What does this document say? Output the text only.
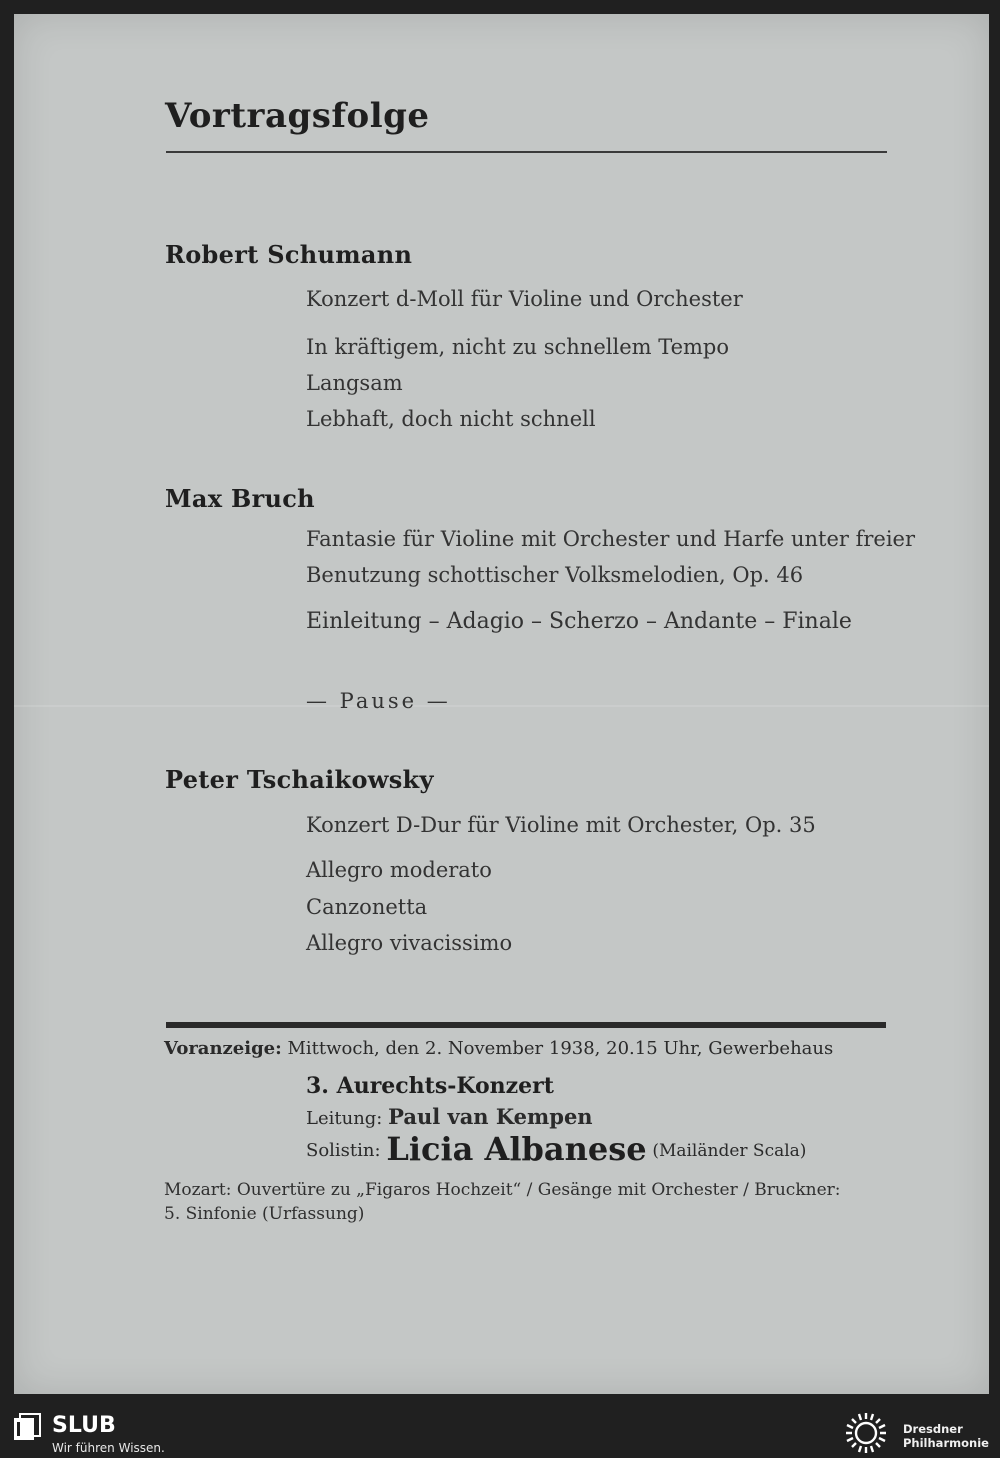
Vortragsfolge
Robert Schumann
Konzert d-Moll für Violine und Orchester
In kräftigem, nicht zu schnellem Tempo
Langsam
Lebhaft, doch nicht schnell
Max Bruch
Fantasie für Violine mit Orchester und Harfe unter freier
Benutzung schottischer Volksmelodien, Op. 46
Einleitung – Adagio – Scherzo – Andante – Finale
— Pause —
Peter Tschaikowsky
Konzert D-Dur für Violine mit Orchester, Op. 35
Allegro moderato
Canzonetta
Allegro vivacissimo
Voranzeige: Mittwoch, den 2. November 1938, 20.15 Uhr, Gewerbehaus
3. Aurechts-Konzert
Leitung: Paul van Kempen
Solistin: Licia Albanese (Mailänder Scala)
Mozart: Ouvertüre zu „Figaros Hochzeit“ / Gesänge mit Orchester / Bruckner:
5. Sinfonie (Urfassung)
SLUB
Wir führen Wissen.
Dresdner
Philharmonie
